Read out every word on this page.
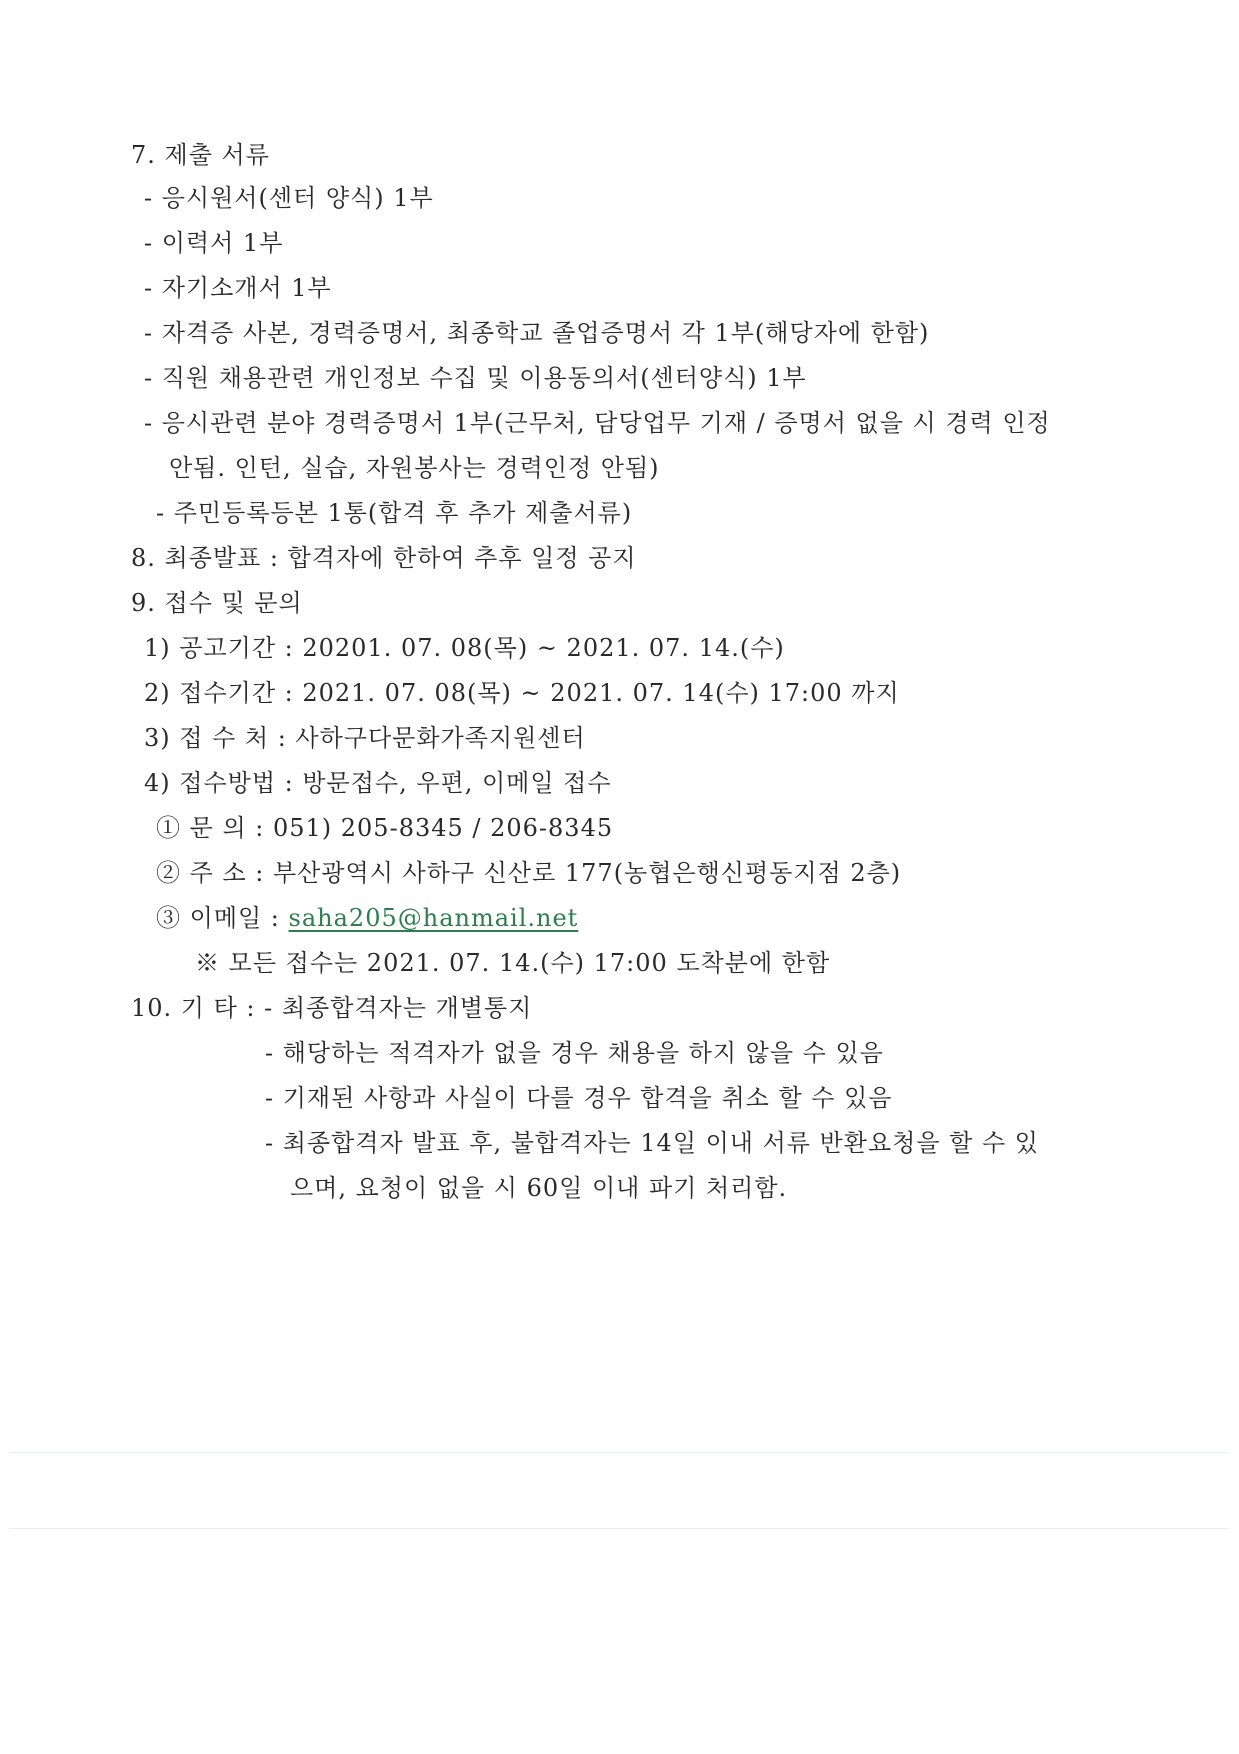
7. 제출 서류
- 응시원서(센터 양식) 1부
- 이력서 1부
- 자기소개서 1부
- 자격증 사본, 경력증명서, 최종학교 졸업증명서 각 1부(해당자에 한함)
- 직원 채용관련 개인정보 수집 및 이용동의서(센터양식) 1부
- 응시관련 분야 경력증명서 1부(근무처, 담당업무 기재 / 증명서 없을 시 경력 인정
안됨. 인턴, 실습, 자원봉사는 경력인정 안됨)
- 주민등록등본 1통(합격 후 추가 제출서류)
8. 최종발표 : 합격자에 한하여 추후 일정 공지
9. 접수 및 문의
1) 공고기간 : 20201. 07. 08(목) ~ 2021. 07. 14.(수)
2) 접수기간 : 2021. 07. 08(목) ~ 2021. 07. 14(수) 17:00 까지
3) 접 수 처 : 사하구다문화가족지원센터
4) 접수방법 : 방문접수, 우편, 이메일 접수
① 문 의 : 051) 205-8345 / 206-8345
② 주 소 : 부산광역시 사하구 신산로 177(농협은행신평동지점 2층)
③ 이메일 : saha205@hanmail.net
※ 모든 접수는 2021. 07. 14.(수) 17:00 도착분에 한함
10. 기 타 : - 최종합격자는 개별통지
- 해당하는 적격자가 없을 경우 채용을 하지 않을 수 있음
- 기재된 사항과 사실이 다를 경우 합격을 취소 할 수 있음
- 최종합격자 발표 후, 불합격자는 14일 이내 서류 반환요청을 할 수 있
으며, 요청이 없을 시 60일 이내 파기 처리함.
